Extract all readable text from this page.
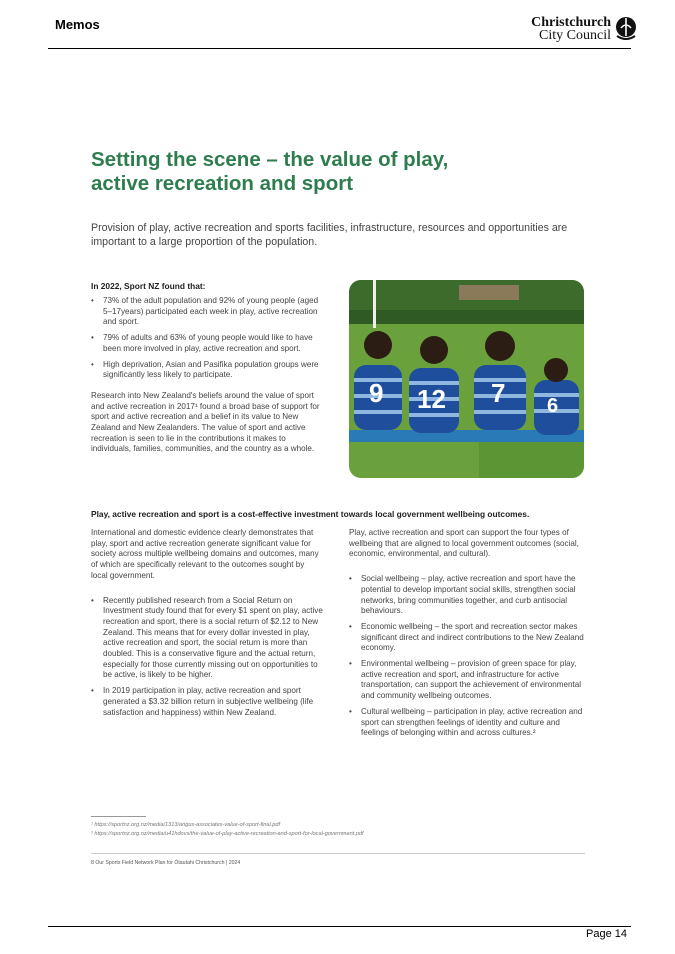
Memos	Christchurch
City Council
Setting the scene – the value of play, active recreation and sport
Provision of play, active recreation and sports facilities, infrastructure, resources and opportunities are important to a large proportion of the population.
In 2022, Sport NZ found that:
• 73% of the adult population and 92% of young people (aged 5–17years) participated each week in play, active recreation and sport.
• 79% of adults and 63% of young people would like to have been more involved in play, active recreation and sport.
• High deprivation, Asian and Pasifika population groups were significantly less likely to participate.

Research into New Zealand's beliefs around the value of sport and active recreation in 2017¹ found a broad base of support for sport and active recreation and a belief in its value to New Zealand and New Zealanders. The value of sport and active recreation is seen to lie in the contributions it makes to individuals, families, communities, and the country as a whole.

9 12 7 6
Play, active recreation and sport is a cost-effective investment towards local government wellbeing outcomes.

International and domestic evidence clearly demonstrates that play, sport and active recreation generate significant value for society across multiple wellbeing domains and outcomes, many of which are specifically relevant to the outcomes sought by local government.

• Recently published research from a Social Return on Investment study found that for every $1 spent on play, active recreation and sport, there is a social return of $2.12 to New Zealand. This means that for every dollar invested in play, active recreation and sport, the social return is more than doubled. This is a conservative figure and the actual return, especially for those currently missing out on opportunities to be active, is likely to be higher.
• In 2019 participation in play, active recreation and sport generated a $3.32 billion return in subjective wellbeing (life satisfaction and happiness) within New Zealand.

Play, active recreation and sport can support the four types of wellbeing that are aligned to local government outcomes (social, economic, environmental, and cultural).

• Social wellbeing – play, active recreation and sport have the potential to develop important social skills, strengthen social networks, bring communities together, and curb antisocial behaviours.
• Economic wellbeing – the sport and recreation sector makes significant direct and indirect contributions to the New Zealand economy.
• Environmental wellbeing – provision of green space for play, active recreation and sport, and infrastructure for active transportation, can support the achievement of environmental and community wellbeing outcomes.
• Cultural wellbeing – participation in play, active recreation and sport can strengthen feelings of identity and culture and feelings of belonging within and across cultures.²
¹ https://sportnz.org.nz/media/1313/angus-associates-value-of-sport-final.pdf
² https://sportnz.org.nz/media/u41hdovs/the-value-of-play-active-recreation-and-sport-for-local-government.pdf
8 Our Sports Field Network Plan for Ōtautahi Christchurch | 2024
Page 14
